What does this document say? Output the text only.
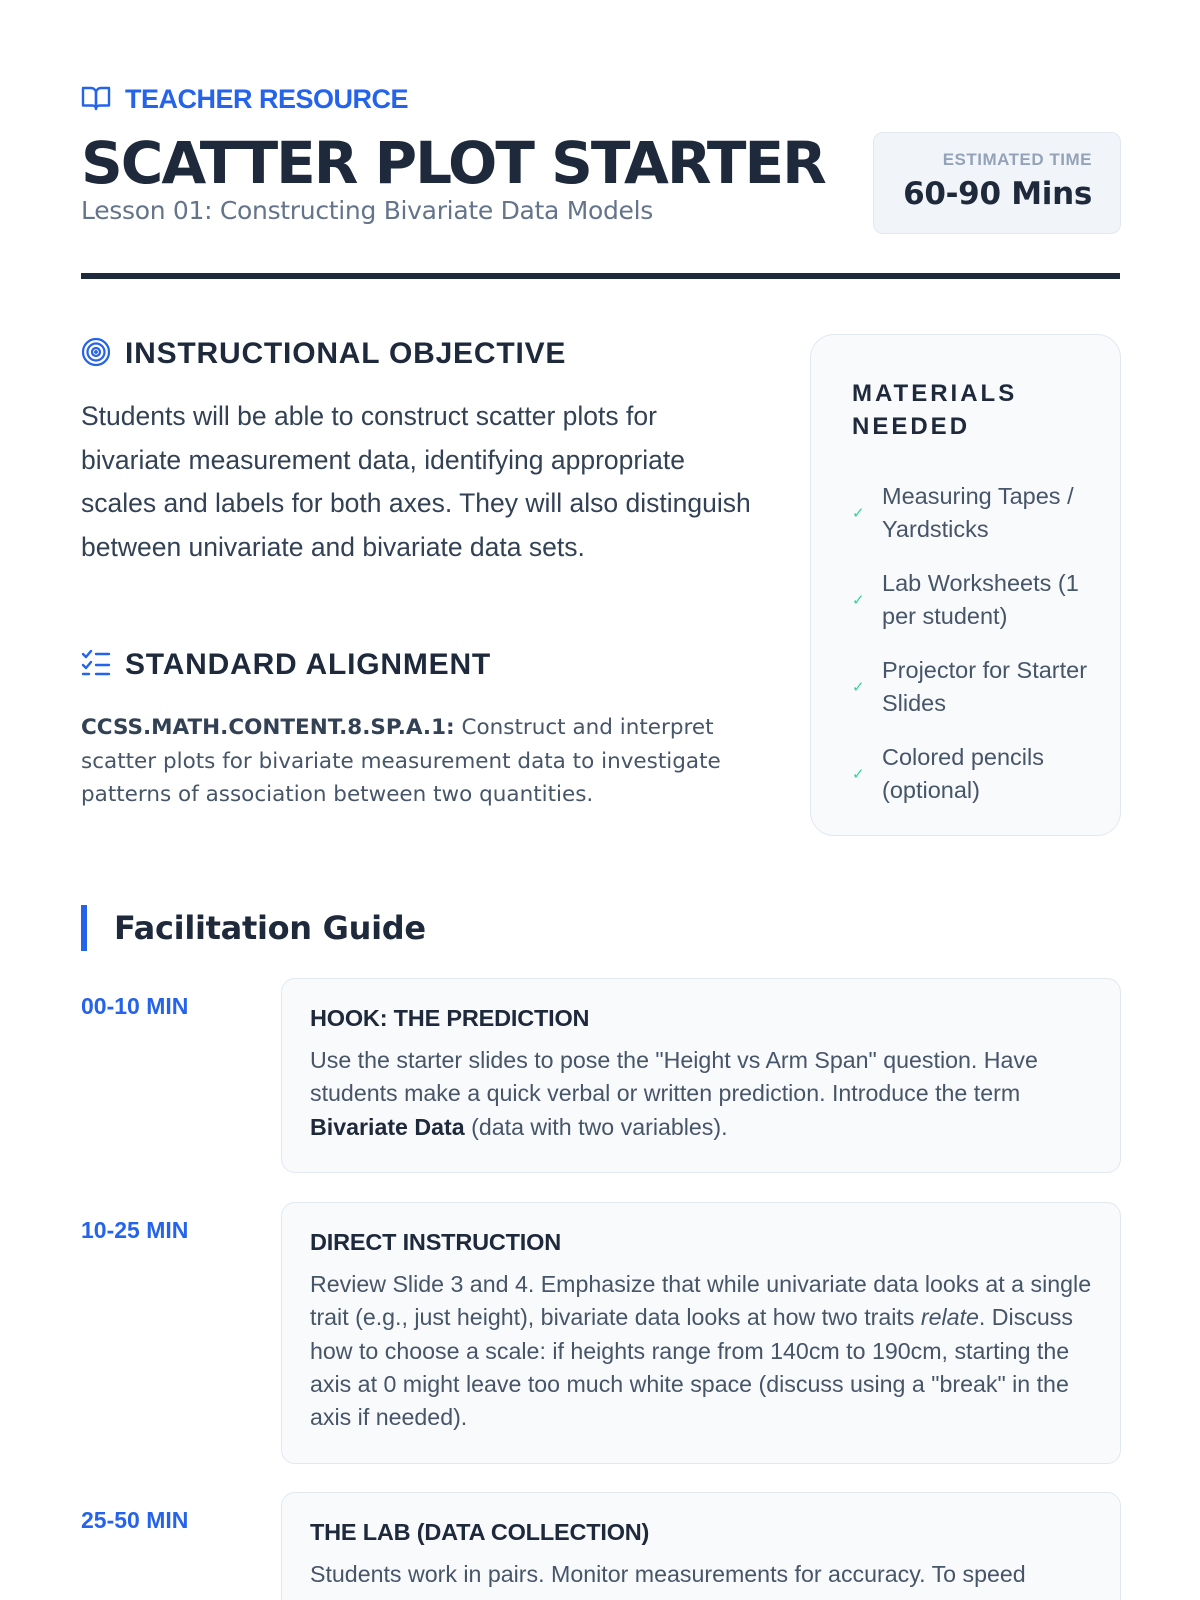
TEACHER RESOURCE
SCATTER PLOT STARTER
Lesson 01: Constructing Bivariate Data Models
ESTIMATED TIME
60-90 Mins
INSTRUCTIONAL OBJECTIVE

Students will be able to construct scatter plots for bivariate measurement data, identifying appropriate scales and labels for both axes. They will also distinguish between univariate and bivariate data sets.

STANDARD ALIGNMENT

CCSS.MATH.CONTENT.8.SP.A.1: Construct and interpret scatter plots for bivariate measurement data to investigate patterns of association between two quantities.

MATERIALS NEEDED
✓
Measuring Tapes / Yardsticks
✓
Lab Worksheets (1 per student)
✓
Projector for Starter Slides
✓
Colored pencils (optional)
Facilitation Guide
00-10 MIN	HOOK: THE PREDICTION

Use the starter slides to pose the "Height vs Arm Span" question. Have students make a quick verbal or written prediction. Introduce the term Bivariate Data (data with two variables).

10-25 MIN	DIRECT INSTRUCTION

Review Slide 3 and 4. Emphasize that while univariate data looks at a single trait (e.g., just height), bivariate data looks at how two traits relate. Discuss how to choose a scale: if heights range from 140cm to 190cm, starting the axis at 0 might leave too much white space (discuss using a "break" in the axis if needed).

25-50 MIN	THE LAB (DATA COLLECTION)

Students work in pairs. Monitor measurements for accuracy. To speed
